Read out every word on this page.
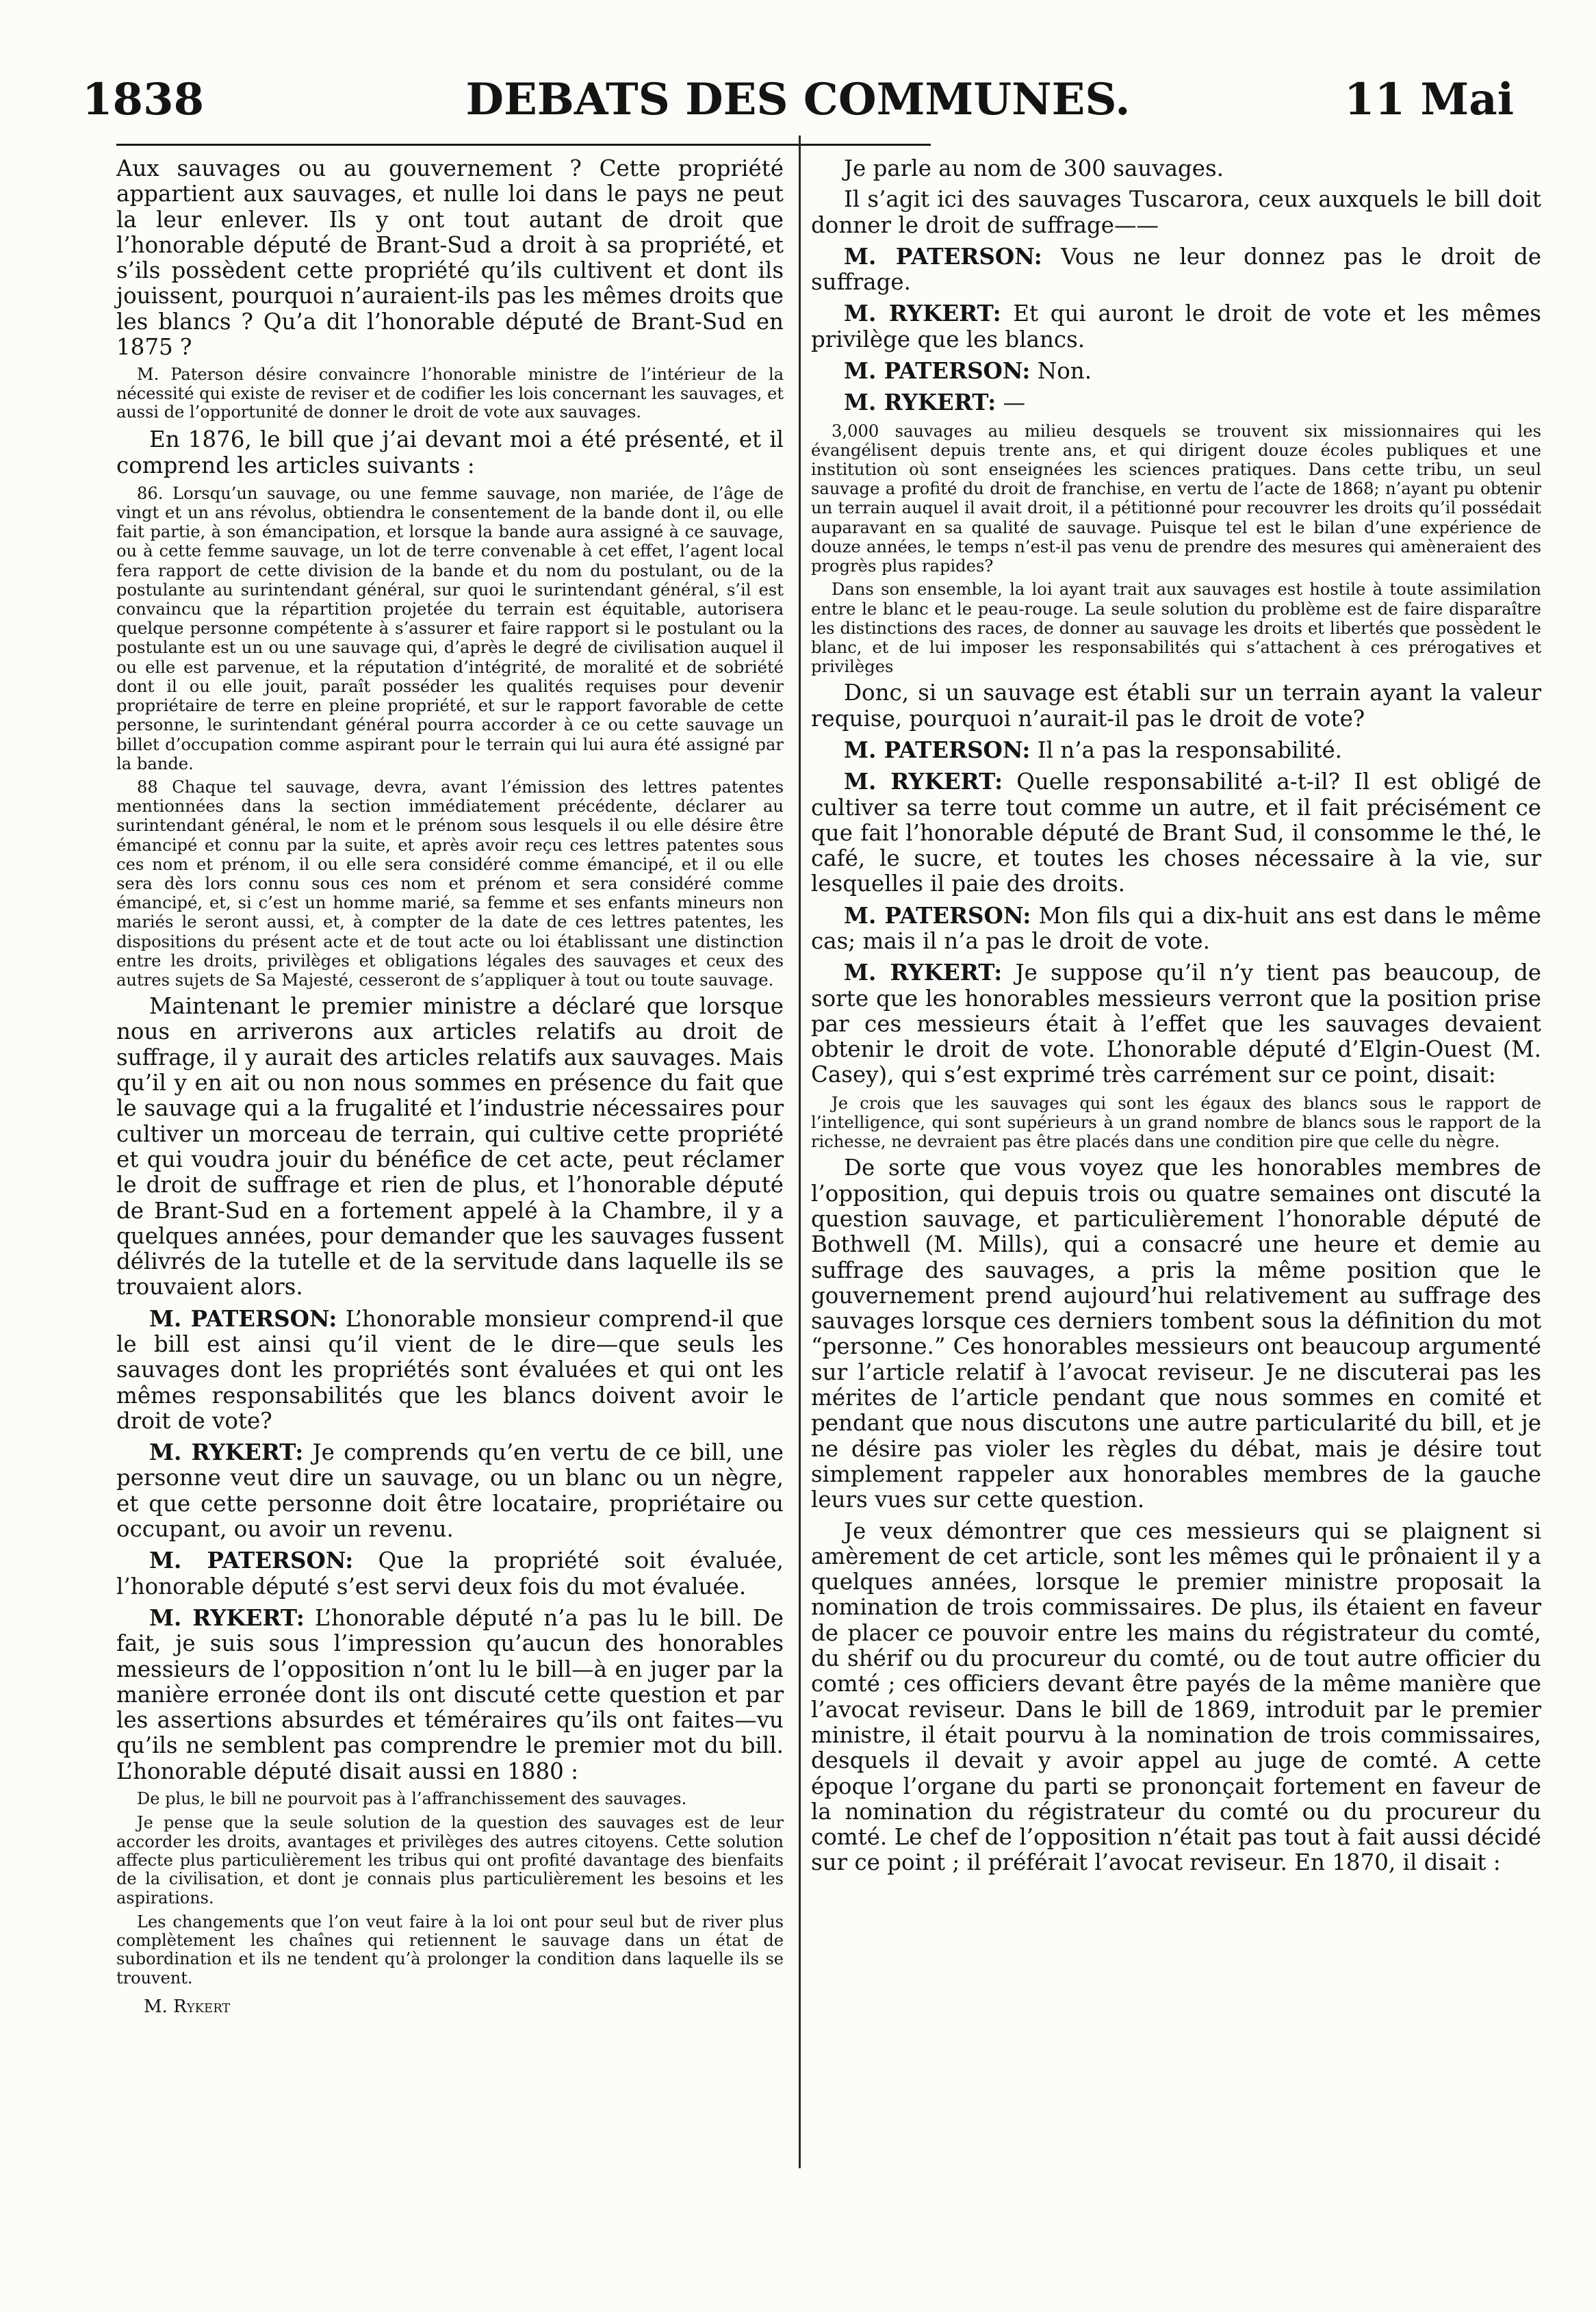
1838	DEBATS DES COMMUNES.	11 Mai

Aux sauvages ou au gouvernement ? Cette propriété appartient aux sauvages, et nulle loi dans le pays ne peut la leur enlever. Ils y ont tout autant de droit que l’honorable député de Brant-Sud a droit à sa propriété, et s’ils possèdent cette propriété qu’ils cultivent et dont ils jouissent, pourquoi n’auraient-ils pas les mêmes droits que les blancs ? Qu’a dit l’honorable député de Brant-Sud en 1875 ?

M. Paterson désire convaincre l’honorable ministre de l’intérieur de la nécessité qui existe de reviser et de codifier les lois concernant les sauvages, et aussi de l’opportunité de donner le droit de vote aux sauvages.

En 1876, le bill que j’ai devant moi a été présenté, et il comprend les articles suivants :

86. Lorsqu’un sauvage, ou une femme sauvage, non mariée, de l’âge de vingt et un ans révolus, obtiendra le consentement de la bande dont il, ou elle fait partie, à son émancipation, et lorsque la bande aura assigné à ce sauvage, ou à cette femme sauvage, un lot de terre convenable à cet effet, l’agent local fera rapport de cette division de la bande et du nom du postulant, ou de la postulante au surintendant général, sur quoi le surintendant général, s’il est convaincu que la répartition projetée du terrain est équitable, autorisera quelque personne compétente à s’assurer et faire rapport si le postulant ou la postulante est un ou une sauvage qui, d’après le degré de civilisation auquel il ou elle est parvenue, et la réputation d’intégrité, de moralité et de sobriété dont il ou elle jouit, paraît posséder les qualités requises pour devenir propriétaire de terre en pleine propriété, et sur le rapport favorable de cette personne, le surintendant général pourra accorder à ce ou cette sauvage un billet d’occupation comme aspirant pour le terrain qui lui aura été assigné par la bande.

88 Chaque tel sauvage, devra, avant l’émission des lettres patentes mentionnées dans la section immédiatement précédente, déclarer au surintendant général, le nom et le prénom sous lesquels il ou elle désire être émancipé et connu par la suite, et après avoir reçu ces lettres patentes sous ces nom et prénom, il ou elle sera considéré comme émancipé, et il ou elle sera dès lors connu sous ces nom et prénom et sera considéré comme émancipé, et, si c’est un homme marié, sa femme et ses enfants mineurs non mariés le seront aussi, et, à compter de la date de ces lettres patentes, les dispositions du présent acte et de tout acte ou loi établissant une distinction entre les droits, privilèges et obligations légales des sauvages et ceux des autres sujets de Sa Majesté, cesseront de s’appliquer à tout ou toute sauvage.

Maintenant le premier ministre a déclaré que lorsque nous en arriverons aux articles relatifs au droit de suffrage, il y aurait des articles relatifs aux sauvages. Mais qu’il y en ait ou non nous sommes en présence du fait que le sauvage qui a la frugalité et l’industrie nécessaires pour cultiver un morceau de terrain, qui cultive cette propriété et qui voudra jouir du bénéfice de cet acte, peut réclamer le droit de suffrage et rien de plus, et l’honorable député de Brant-Sud en a fortement appelé à la Chambre, il y a quelques années, pour demander que les sauvages fussent délivrés de la tutelle et de la servitude dans laquelle ils se trouvaient alors.

M. PATERSON: L’honorable monsieur comprend-il que le bill est ainsi qu’il vient de le dire—que seuls les sauvages dont les propriétés sont évaluées et qui ont les mêmes responsabilités que les blancs doivent avoir le droit de vote?

M. RYKERT: Je comprends qu’en vertu de ce bill, une personne veut dire un sauvage, ou un blanc ou un nègre, et que cette personne doit être locataire, propriétaire ou occupant, ou avoir un revenu.

M. PATERSON: Que la propriété soit évaluée, l’honorable député s’est servi deux fois du mot évaluée.

M. RYKERT: L’honorable député n’a pas lu le bill. De fait, je suis sous l’impression qu’aucun des honorables messieurs de l’opposition n’ont lu le bill—à en juger par la manière erronée dont ils ont discuté cette question et par les assertions absurdes et téméraires qu’ils ont faites—vu qu’ils ne semblent pas comprendre le premier mot du bill. L’honorable député disait aussi en 1880 :

De plus, le bill ne pourvoit pas à l’affranchissement des sauvages.

Je pense que la seule solution de la question des sauvages est de leur accorder les droits, avantages et privilèges des autres citoyens. Cette solution affecte plus particulièrement les tribus qui ont profité davantage des bienfaits de la civilisation, et dont je connais plus particulièrement les besoins et les aspirations.

Les changements que l’on veut faire à la loi ont pour seul but de river plus complètement les chaînes qui retiennent le sauvage dans un état de subordination et ils ne tendent qu’à prolonger la condition dans laquelle ils se trouvent.

M. Rykert

Je parle au nom de 300 sauvages.

Il s’agit ici des sauvages Tuscarora, ceux auxquels le bill doit donner le droit de suffrage——

M. PATERSON: Vous ne leur donnez pas le droit de suffrage.

M. RYKERT: Et qui auront le droit de vote et les mêmes privilège que les blancs.

M. PATERSON: Non.

M. RYKERT: —

3,000 sauvages au milieu desquels se trouvent six missionnaires qui les évangélisent depuis trente ans, et qui dirigent douze écoles publiques et une institution où sont enseignées les sciences pratiques. Dans cette tribu, un seul sauvage a profité du droit de franchise, en vertu de l’acte de 1868; n’ayant pu obtenir un terrain auquel il avait droit, il a pétitionné pour recouvrer les droits qu’il possédait auparavant en sa qualité de sauvage. Puisque tel est le bilan d’une expérience de douze années, le temps n’est-il pas venu de prendre des mesures qui amèneraient des progrès plus rapides?

Dans son ensemble, la loi ayant trait aux sauvages est hostile à toute assimilation entre le blanc et le peau-rouge. La seule solution du problème est de faire disparaître les distinctions des races, de donner au sauvage les droits et libertés que possèdent le blanc, et de lui imposer les responsabilités qui s’attachent à ces prérogatives et privilèges

Donc, si un sauvage est établi sur un terrain ayant la valeur requise, pourquoi n’aurait-il pas le droit de vote?

M. PATERSON: Il n’a pas la responsabilité.

M. RYKERT: Quelle responsabilité a-t-il? Il est obligé de cultiver sa terre tout comme un autre, et il fait précisément ce que fait l’honorable député de Brant Sud, il consomme le thé, le café, le sucre, et toutes les choses nécessaire à la vie, sur lesquelles il paie des droits.

M. PATERSON: Mon fils qui a dix-huit ans est dans le même cas; mais il n’a pas le droit de vote.

M. RYKERT: Je suppose qu’il n’y tient pas beaucoup, de sorte que les honorables messieurs verront que la position prise par ces messieurs était à l’effet que les sauvages devaient obtenir le droit de vote. L’honorable député d’Elgin-Ouest (M. Casey), qui s’est exprimé très carrément sur ce point, disait:

Je crois que les sauvages qui sont les égaux des blancs sous le rapport de l’intelligence, qui sont supérieurs à un grand nombre de blancs sous le rapport de la richesse, ne devraient pas être placés dans une condition pire que celle du nègre.

De sorte que vous voyez que les honorables membres de l’opposition, qui depuis trois ou quatre semaines ont discuté la question sauvage, et particulièrement l’honorable député de Bothwell (M. Mills), qui a consacré une heure et demie au suffrage des sauvages, a pris la même position que le gouvernement prend aujourd’hui relativement au suffrage des sauvages lorsque ces derniers tombent sous la définition du mot “personne.” Ces honorables messieurs ont beaucoup argumenté sur l’article relatif à l’avocat reviseur. Je ne discuterai pas les mérites de l’article pendant que nous sommes en comité et pendant que nous discutons une autre particularité du bill, et je ne désire pas violer les règles du débat, mais je désire tout simplement rappeler aux honorables membres de la gauche leurs vues sur cette question.

Je veux démontrer que ces messieurs qui se plaignent si amèrement de cet article, sont les mêmes qui le prônaient il y a quelques années, lorsque le premier ministre proposait la nomination de trois commissaires. De plus, ils étaient en faveur de placer ce pouvoir entre les mains du régistrateur du comté, du shérif ou du procureur du comté, ou de tout autre officier du comté ; ces officiers devant être payés de la même manière que l’avocat reviseur. Dans le bill de 1869, introduit par le premier ministre, il était pourvu à la nomination de trois commissaires, desquels il devait y avoir appel au juge de comté. A cette époque l’organe du parti se prononçait fortement en faveur de la nomination du régistrateur du comté ou du procureur du comté. Le chef de l’opposition n’était pas tout à fait aussi décidé sur ce point ; il préférait l’avocat reviseur. En 1870, il disait :
